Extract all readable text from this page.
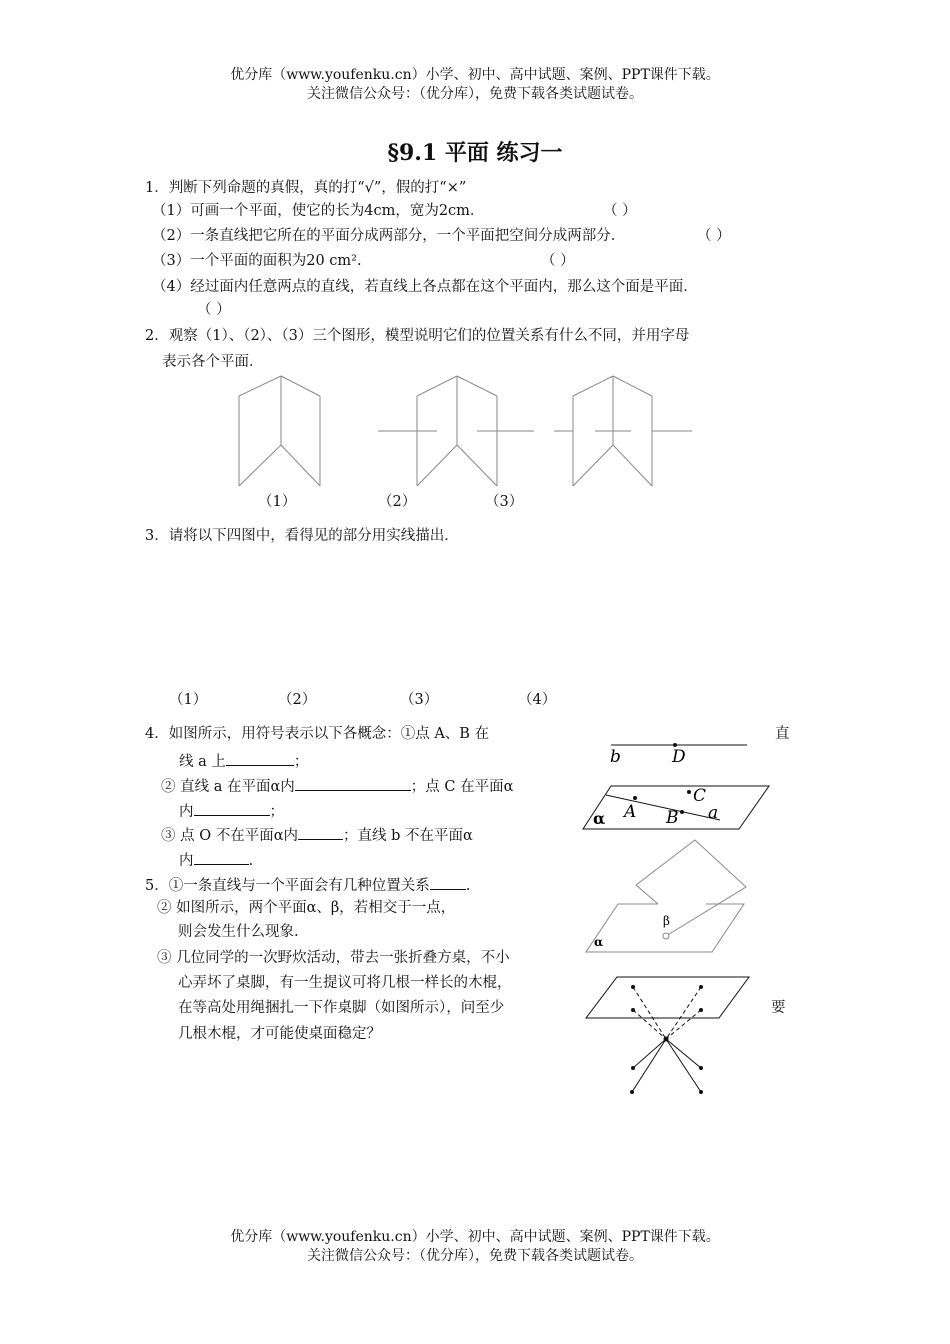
优分库（www.youfenku.cn）小学、初中、高中试题、案例、PPT课件下载。
关注微信公众号：（优分库），免费下载各类试题试卷。
§9.1 平面 练习一
1．判断下列命题的真假，真的打“√”，假的打“×”
（1）可画一个平面，使它的长为4cm，宽为2cm．	（ ）
（2）一条直线把它所在的平面分成两部分，一个平面把空间分成两部分．	（ ）
（3）一个平面的面积为20 cm².	（ ）
（4）经过面内任意两点的直线，若直线上各点都在这个平面内，那么这个面是平面．
（ ）
2．观察（1）、（2）、（3）三个图形，模型说明它们的位置关系有什么不同，并用字母
表示各个平面．
（1）	（2）	（3）
3．请将以下四图中，看得见的部分用实线描出．
（1）	（2）	（3）	（4）
4．如图所示，用符号表示以下各概念：①点 A、B 在	直
线 a 上	；
② 直线 a 在平面α内	；点 C 在平面α
内	；
③ 点 O 不在平面α内	；直线 b 不在平面α
内	.
b	D
C
A B a
α
5．①一条直线与一个平面会有几种位置关系 .
② 如图所示，两个平面α、β，若相交于一点，
则会发生什么现象.
③ 几位同学的一次野炊活动，带去一张折叠方桌，不小
心弄坏了桌脚，有一生提议可将几根一样长的木棍，
在等高处用绳捆扎一下作桌脚（如图所示），问至少	要
几根木棍，才可能使桌面稳定？
β
α
优分库（www.youfenku.cn）小学、初中、高中试题、案例、PPT课件下载。
关注微信公众号：（优分库），免费下载各类试题试卷。
